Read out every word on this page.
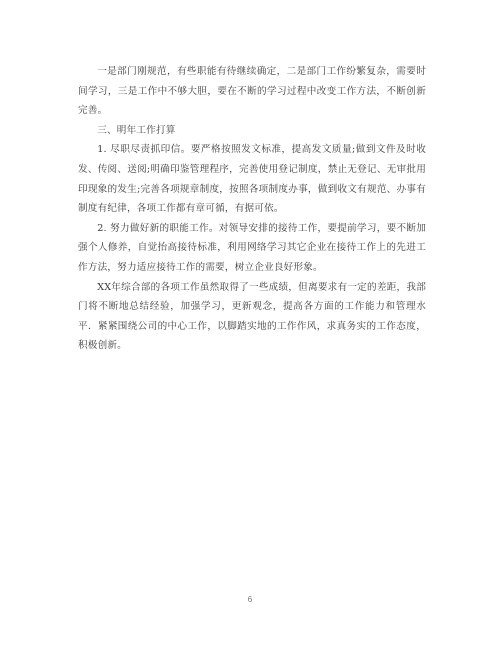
一是部门刚规范，有些职能有待继续确定，二是部门工作纷繁复杂，需要时间学习，三是工作中不够大胆，要在不断的学习过程中改变工作方法，不断创新完善。

三、明年工作打算

1. 尽职尽责抓印信。要严格按照发文标准，提高发文质量;做到文件及时收发、传阅、送阅;明确印鉴管理程序，完善使用登记制度，禁止无登记、无审批用印现象的发生;完善各项规章制度，按照各项制度办事，做到收文有规范、办事有制度有纪律，各项工作都有章可循，有据可依。

2. 努力做好新的职能工作。对领导安排的接待工作，要提前学习，要不断加强个人修养，自觉抬高接待标准，利用网络学习其它企业在接待工作上的先进工作方法，努力适应接待工作的需要，树立企业良好形象。

XX年综合部的各项工作虽然取得了一些成绩，但离要求有一定的差距，我部门将不断地总结经验，加强学习，更新观念，提高各方面的工作能力和管理水平．紧紧围绕公司的中心工作，以脚踏实地的工作作风，求真务实的工作态度，积极创新。

6
